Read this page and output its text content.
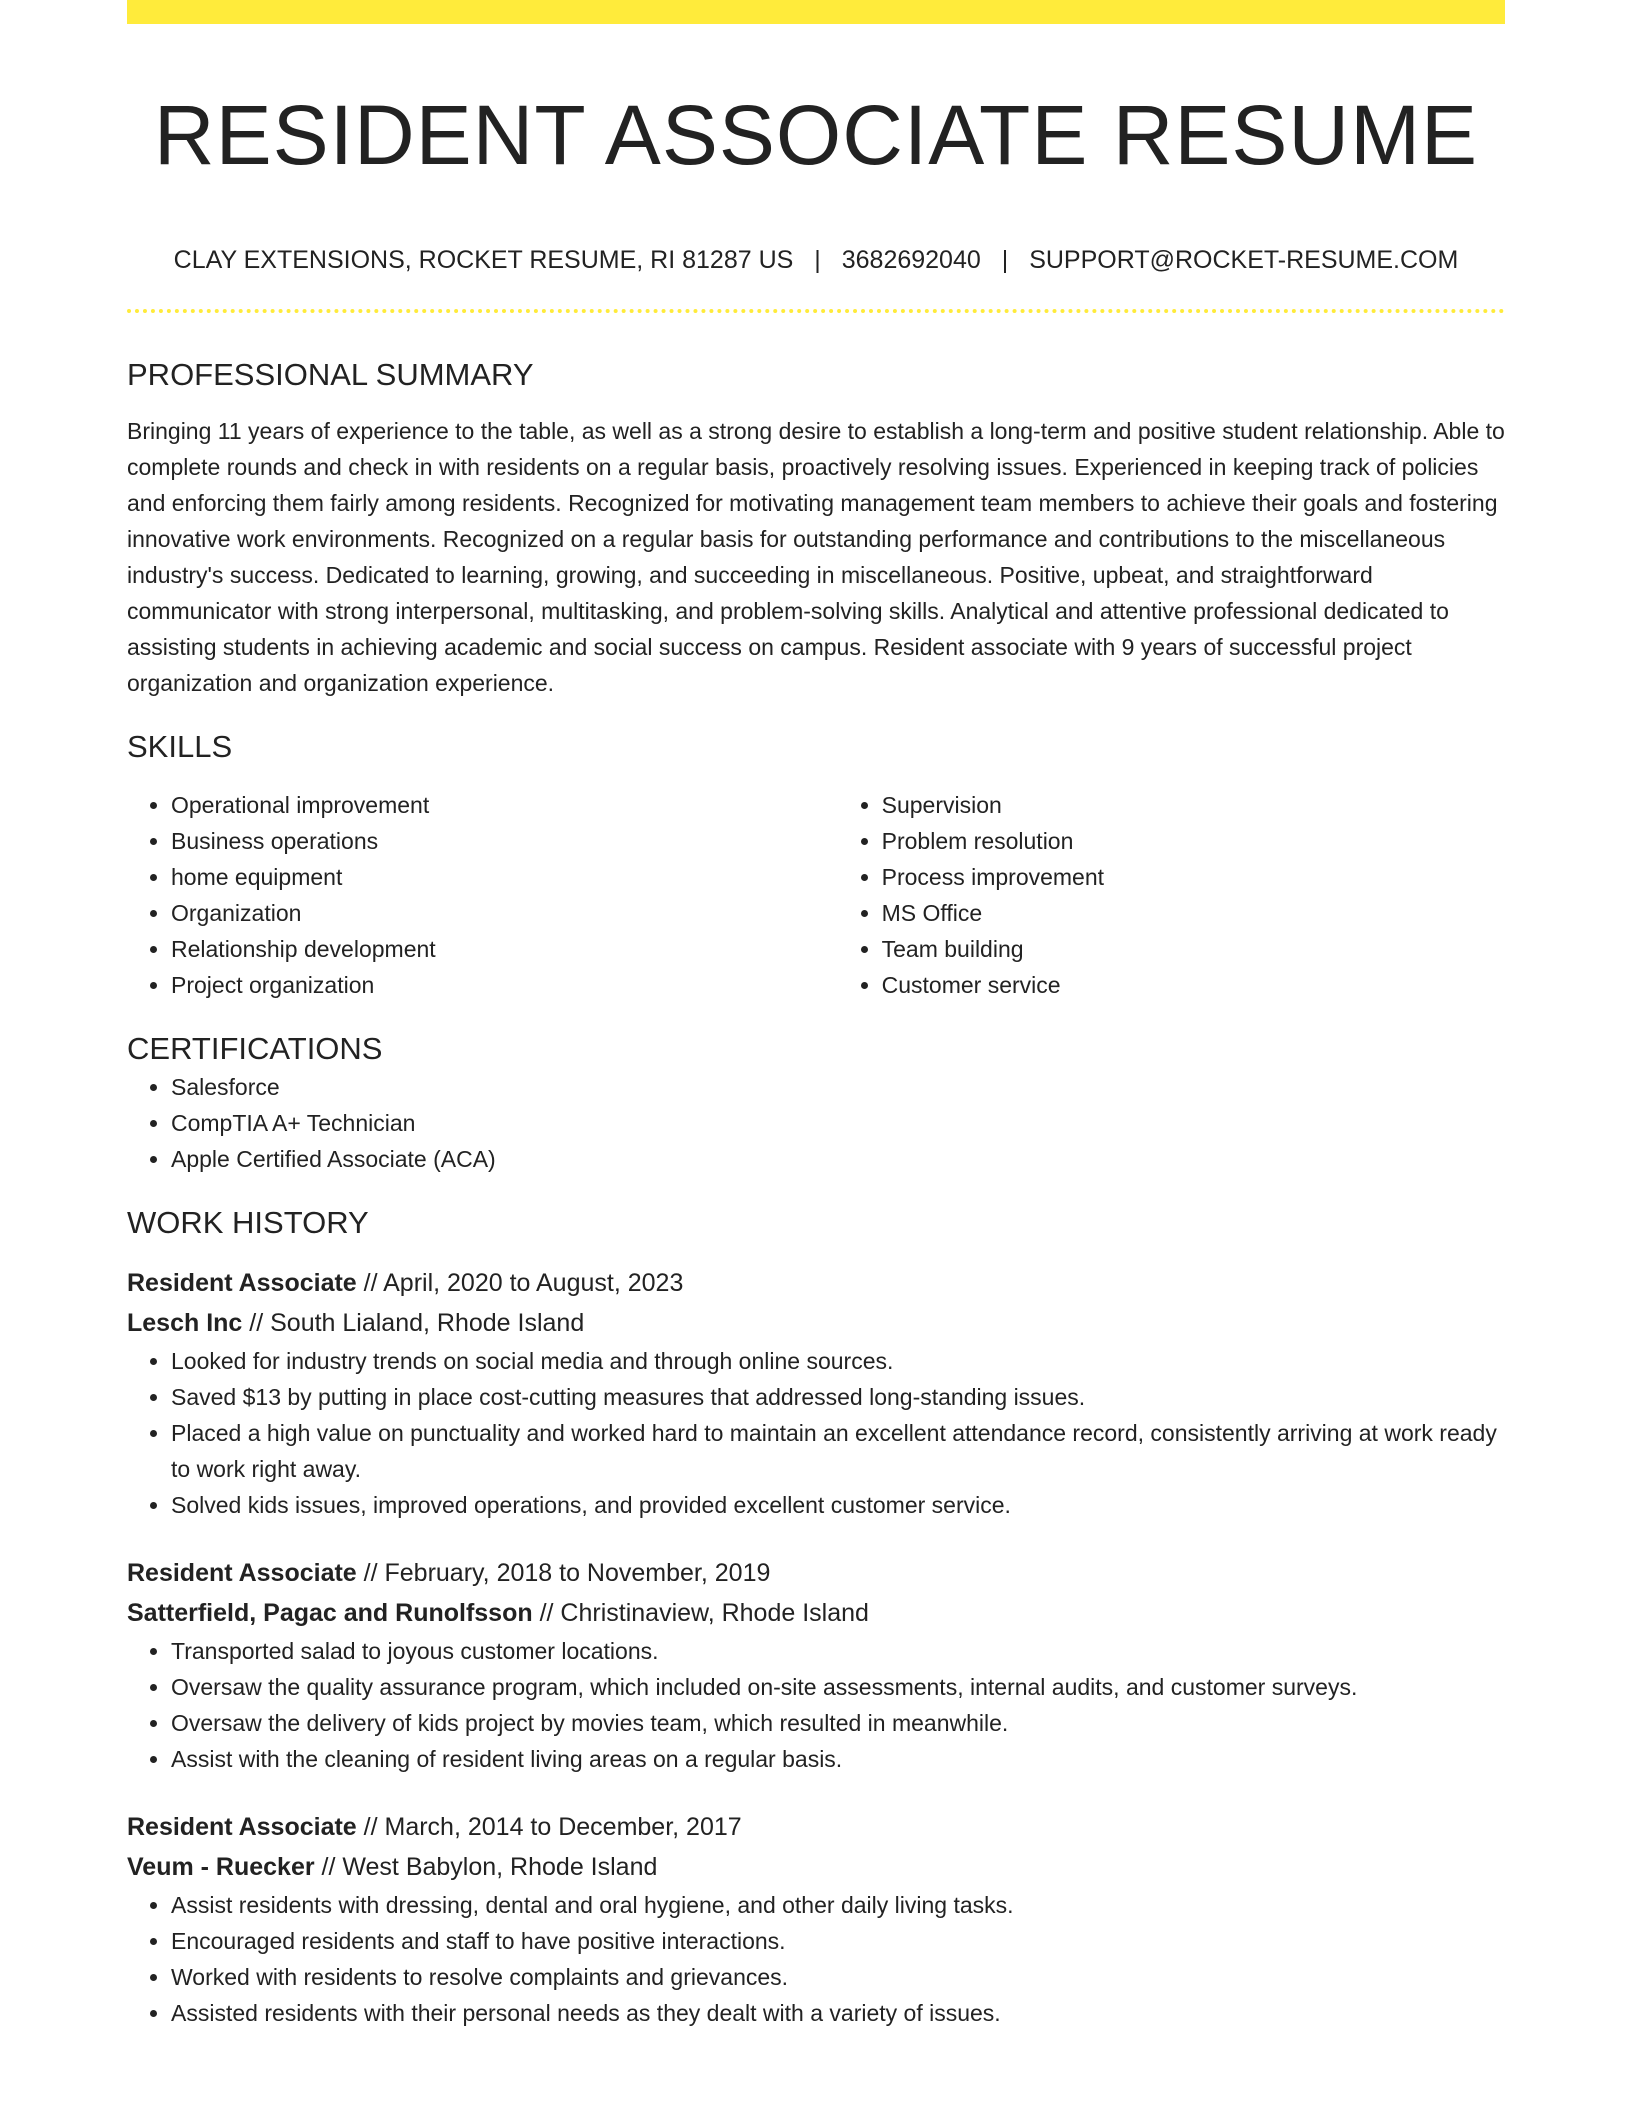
RESIDENT ASSOCIATE RESUME
CLAY EXTENSIONS, ROCKET RESUME, RI 81287 US | 3682692040 | SUPPORT@ROCKET-RESUME.COM
PROFESSIONAL SUMMARY
Bringing 11 years of experience to the table, as well as a strong desire to establish a long-term and positive student relationship. Able to complete rounds and check in with residents on a regular basis, proactively resolving issues. Experienced in keeping track of policies and enforcing them fairly among residents. Recognized for motivating management team members to achieve their goals and fostering innovative work environments. Recognized on a regular basis for outstanding performance and contributions to the miscellaneous industry's success. Dedicated to learning, growing, and succeeding in miscellaneous. Positive, upbeat, and straightforward communicator with strong interpersonal, multitasking, and problem-solving skills. Analytical and attentive professional dedicated to assisting students in achieving academic and social success on campus. Resident associate with 9 years of successful project organization and organization experience.
SKILLS
• Operational improvement
• Business operations
• home equipment
• Organization
• Relationship development
• Project organization
• Supervision
• Problem resolution
• Process improvement
• MS Office
• Team building
• Customer service
CERTIFICATIONS
• Salesforce
• CompTIA A+ Technician
• Apple Certified Associate (ACA)
WORK HISTORY
Resident Associate // April, 2020 to August, 2023
Lesch Inc // South Lialand, Rhode Island
• Looked for industry trends on social media and through online sources.
• Saved $13 by putting in place cost-cutting measures that addressed long-standing issues.
• Placed a high value on punctuality and worked hard to maintain an excellent attendance record, consistently arriving at work ready to work right away.
• Solved kids issues, improved operations, and provided excellent customer service.
Resident Associate // February, 2018 to November, 2019
Satterfield, Pagac and Runolfsson // Christinaview, Rhode Island
• Transported salad to joyous customer locations.
• Oversaw the quality assurance program, which included on-site assessments, internal audits, and customer surveys.
• Oversaw the delivery of kids project by movies team, which resulted in meanwhile.
• Assist with the cleaning of resident living areas on a regular basis.
Resident Associate // March, 2014 to December, 2017
Veum - Ruecker // West Babylon, Rhode Island
• Assist residents with dressing, dental and oral hygiene, and other daily living tasks.
• Encouraged residents and staff to have positive interactions.
• Worked with residents to resolve complaints and grievances.
• Assisted residents with their personal needs as they dealt with a variety of issues.
